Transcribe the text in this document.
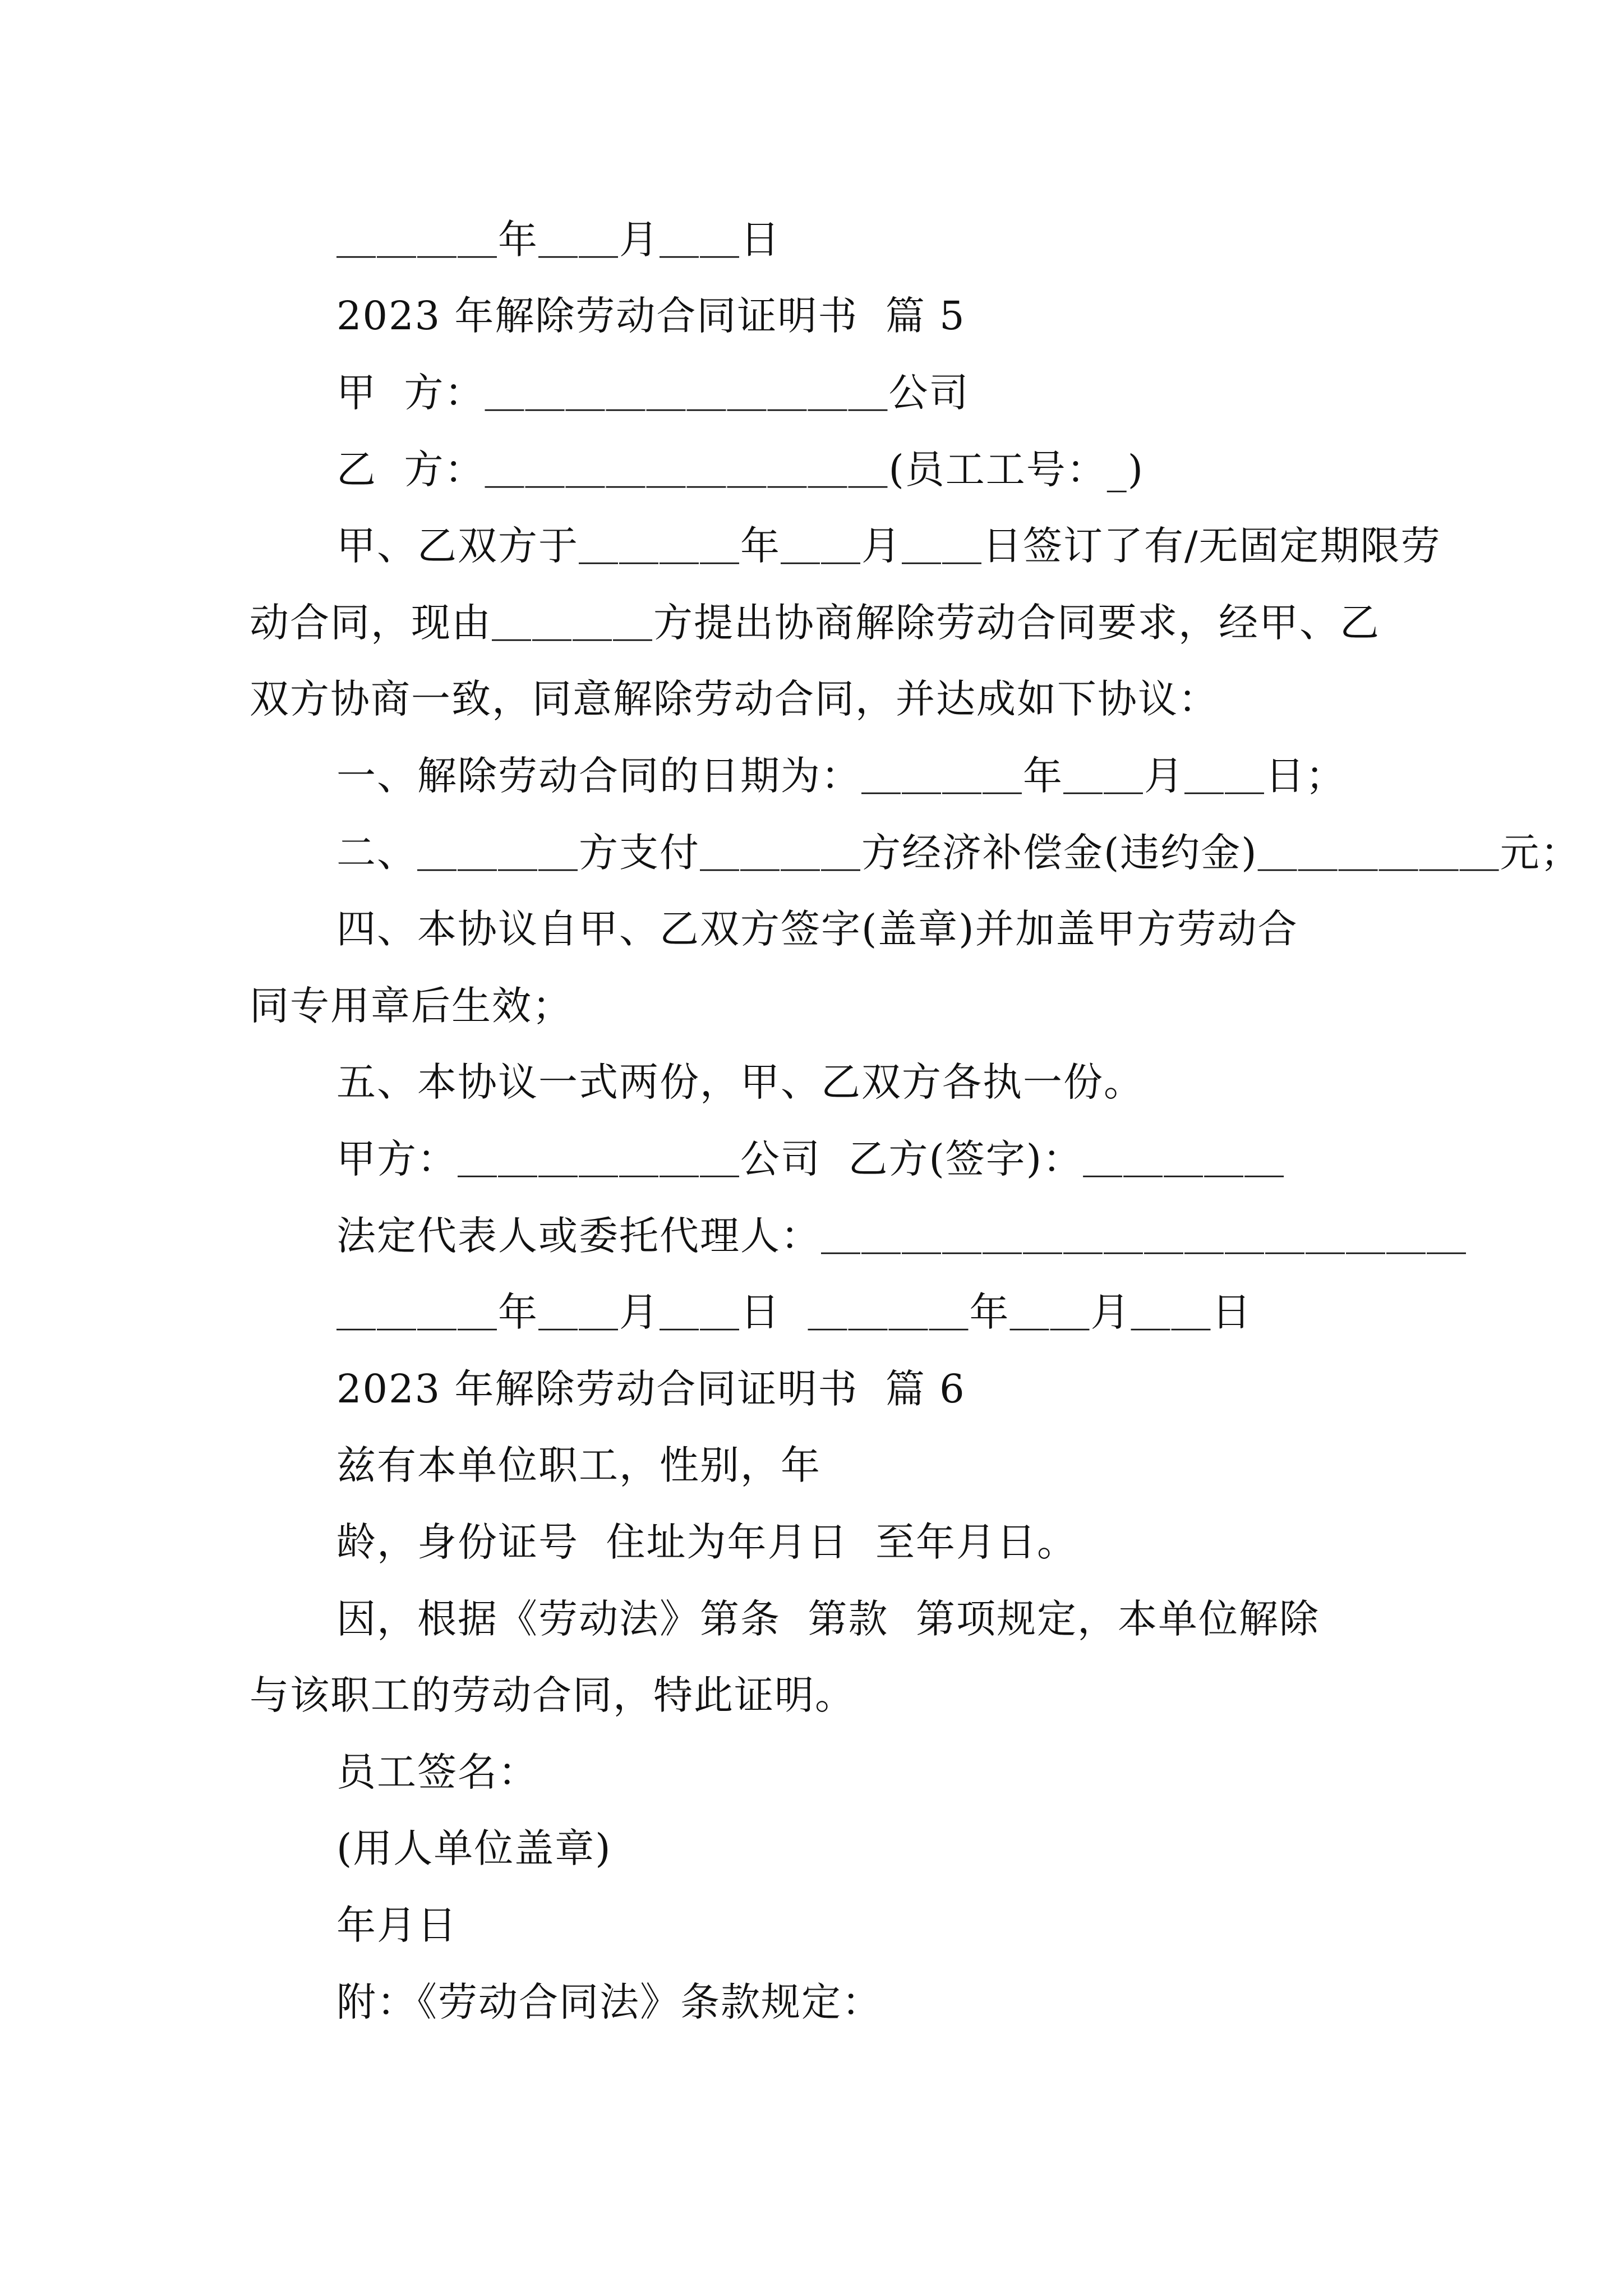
＿＿＿＿年＿＿月＿＿日
2023 年解除劳动合同证明书  篇 5
甲  方：＿＿＿＿＿＿＿＿＿＿公司
乙  方：＿＿＿＿＿＿＿＿＿＿(员工工号：_)
甲、乙双方于＿＿＿＿年＿＿月＿＿日签订了有/无固定期限劳
动合同，现由＿＿＿＿方提出协商解除劳动合同要求，经甲、乙
双方协商一致，同意解除劳动合同，并达成如下协议：
一、解除劳动合同的日期为：＿＿＿＿年＿＿月＿＿日；
二、＿＿＿＿方支付＿＿＿＿方经济补偿金(违约金)＿＿＿＿＿＿元；
四、本协议自甲、乙双方签字(盖章)并加盖甲方劳动合
同专用章后生效；
五、本协议一式两份，甲、乙双方各执一份。
甲方：＿＿＿＿＿＿＿公司  乙方(签字)：＿＿＿＿＿
法定代表人或委托代理人：＿＿＿＿＿＿＿＿＿＿＿＿＿＿＿＿
＿＿＿＿年＿＿月＿＿日  ＿＿＿＿年＿＿月＿＿日
2023 年解除劳动合同证明书  篇 6
兹有本单位职工，性别，年
龄，身份证号  住址为年月日  至年月日。
因，根据《劳动法》第条  第款  第项规定，本单位解除
与该职工的劳动合同，特此证明。
员工签名：
(用人单位盖章)
年月日
附：《劳动合同法》条款规定：
